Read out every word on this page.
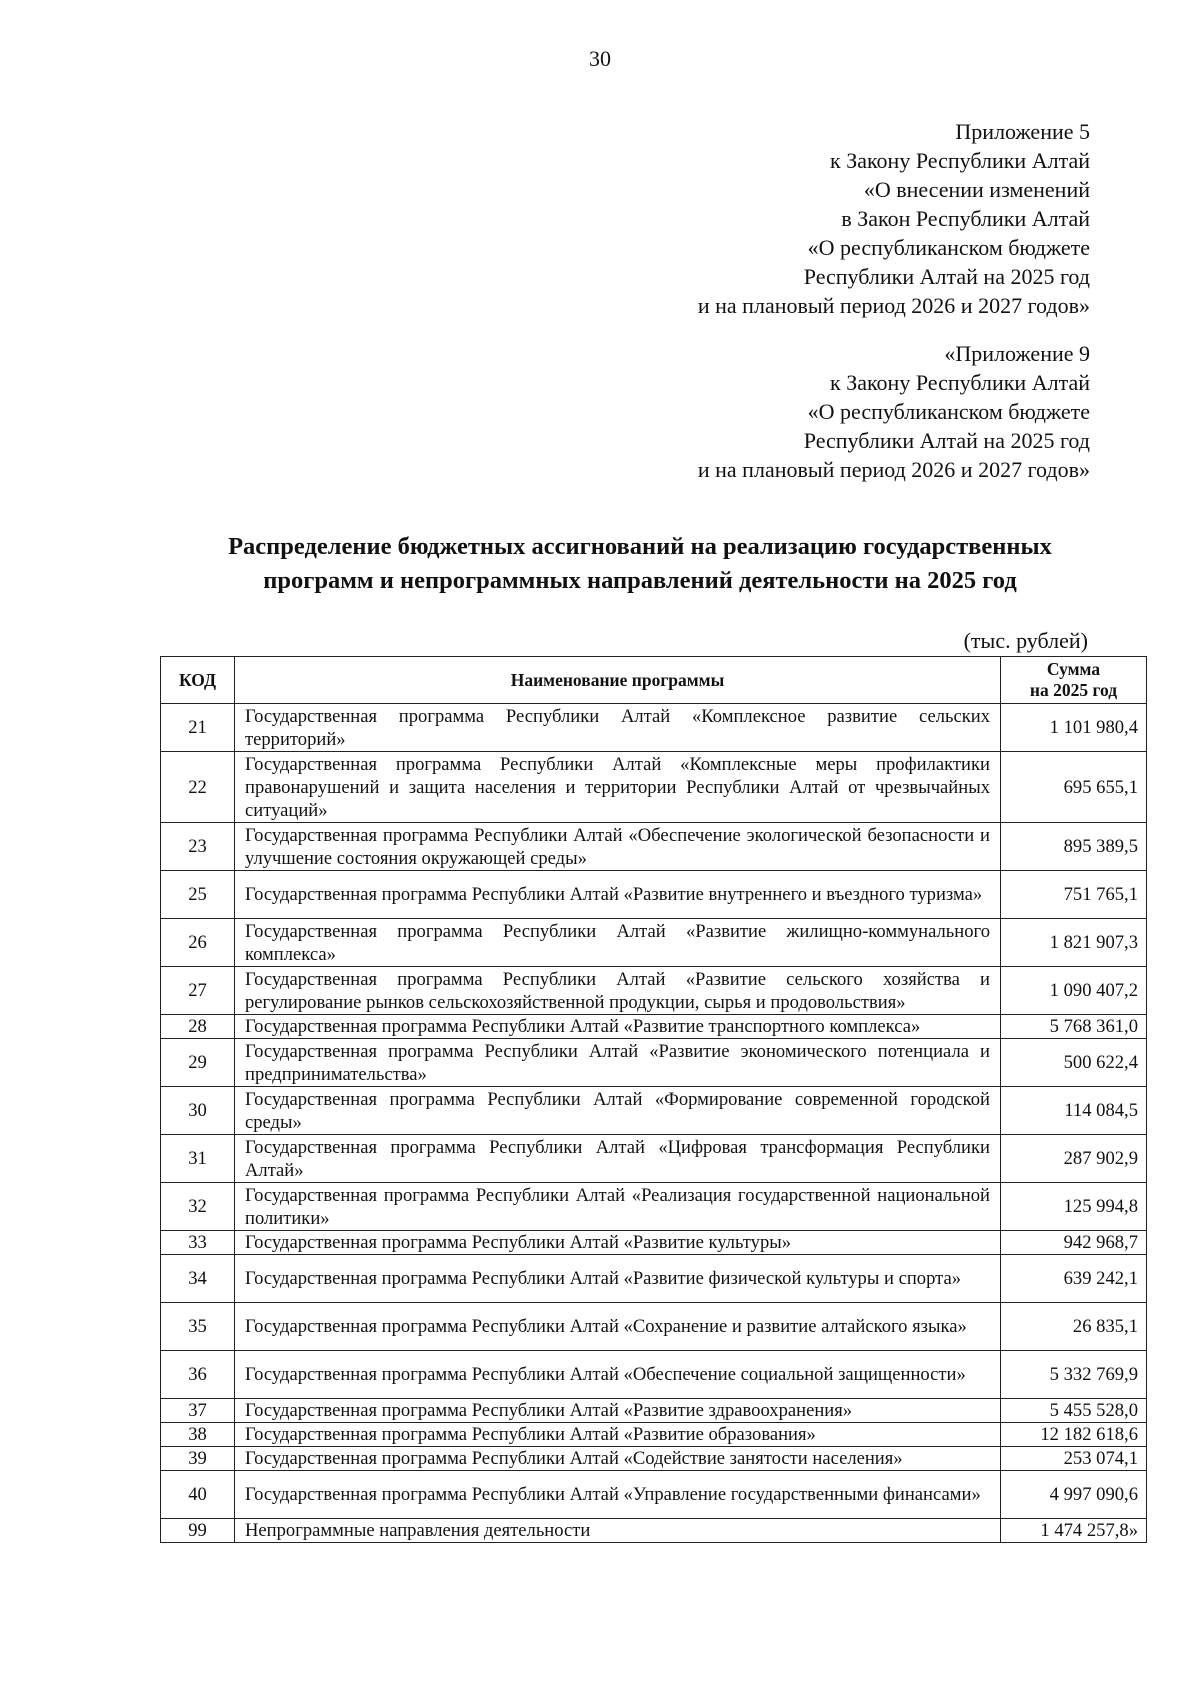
30
Приложение 5
к Закону Республики Алтай
«О внесении изменений
в Закон Республики Алтай
«О республиканском бюджете
Республики Алтай на 2025 год
и на плановый период 2026 и 2027 годов»
«Приложение 9
к Закону Республики Алтай
«О республиканском бюджете
Республики Алтай на 2025 год
и на плановый период 2026 и 2027 годов»
Распределение бюджетных ассигнований на реализацию государственных
программ и непрограммных направлений деятельности на 2025 год
(тыс. рублей)
КОД	Наименование программы	Сумма
на 2025 год

21	Государственная программа Республики Алтай «Комплексное развитие сельских территорий»	1 101 980,4
22	Государственная программа Республики Алтай «Комплексные меры профилактики правонарушений и защита населения и территории Республики Алтай от чрезвычайных ситуаций»	695 655,1
23	Государственная программа Республики Алтай «Обеспечение экологической безопасности и улучшение состояния окружающей среды»	895 389,5
25	Государственная программа Республики Алтай «Развитие внутреннего и въездного туризма»	751 765,1
26	Государственная программа Республики Алтай «Развитие жилищно-коммунального комплекса»	1 821 907,3
27	Государственная программа Республики Алтай «Развитие сельского хозяйства и регулирование рынков сельскохозяйственной продукции, сырья и продовольствия»	1 090 407,2
28	Государственная программа Республики Алтай «Развитие транспортного комплекса»	5 768 361,0
29	Государственная программа Республики Алтай «Развитие экономического потенциала и предпринимательства»	500 622,4
30	Государственная программа Республики Алтай «Формирование современной городской среды»	114 084,5
31	Государственная программа Республики Алтай «Цифровая трансформация Республики Алтай»	287 902,9
32	Государственная программа Республики Алтай «Реализация государственной национальной политики»	125 994,8
33	Государственная программа Республики Алтай «Развитие культуры»	942 968,7
34	Государственная программа Республики Алтай «Развитие физической культуры и спорта»	639 242,1
35	Государственная программа Республики Алтай «Сохранение и развитие алтайского языка»	26 835,1
36	Государственная программа Республики Алтай «Обеспечение социальной защищенности»	5 332 769,9
37	Государственная программа Республики Алтай «Развитие здравоохранения»	5 455 528,0
38	Государственная программа Республики Алтай «Развитие образования»	12 182 618,6
39	Государственная программа Республики Алтай «Содействие занятости населения»	253 074,1
40	Государственная программа Республики Алтай «Управление государственными финансами»	4 997 090,6
99	Непрограммные направления деятельности	1 474 257,8»
